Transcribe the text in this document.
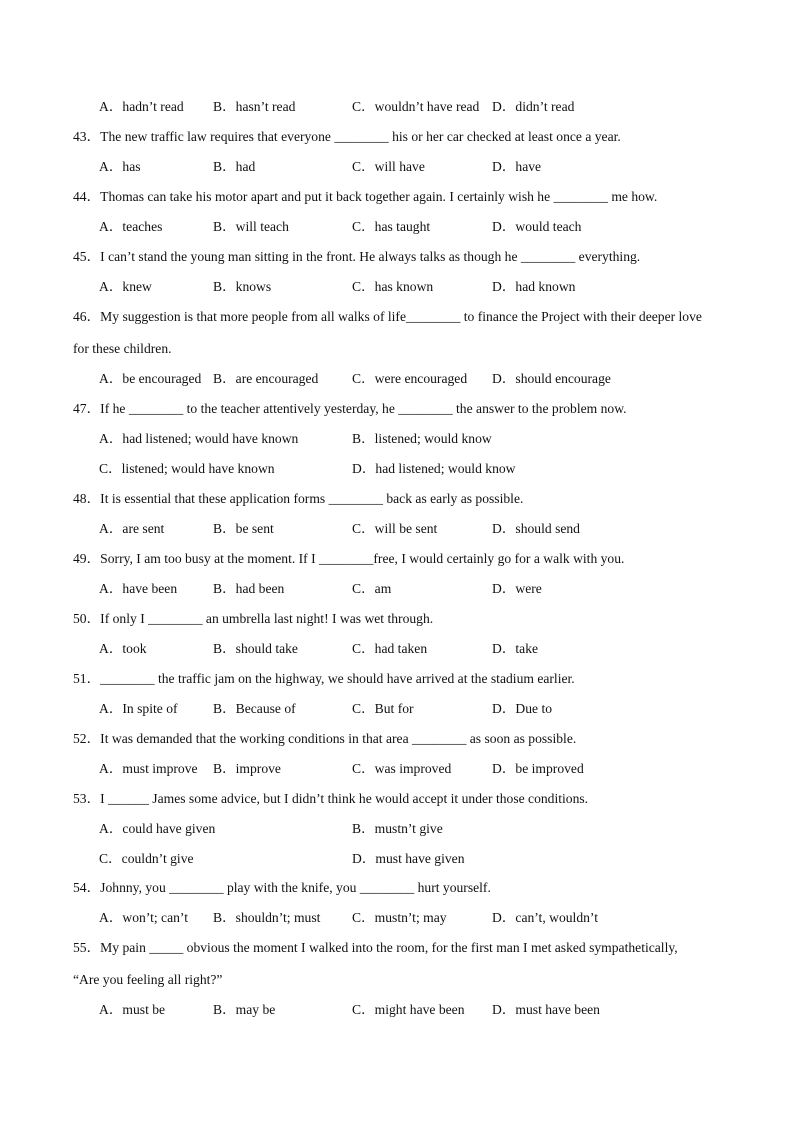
A．hadn’t read B．hasn’t read	C．wouldn’t have read D．didn’t read
43．The new traffic law requires that everyone ________ his or her car checked at least once a year.
A．has	B．had	C．will have	D．have
44．Thomas can take his motor apart and put it back together again. I certainly wish he ________ me how.
A．teaches	B．will teach	C．has taught	D．would teach
45．I can’t stand the young man sitting in the front. He always talks as though he ________ everything.
A．knew	B．knows	C．has known	D．had known
46．My suggestion is that more people from all walks of life________ to finance the Project with their deeper love
for these children.
A．be encouraged B．are encouraged C．were encouraged D．should encourage
47．If he ________ to the teacher attentively yesterday, he ________ the answer to the problem now.
A．had listened; would have known	B．listened; would know
C．listened; would have known	D．had listened; would know
48．It is essential that these application forms ________ back as early as possible.
A．are sent	B．be sent	C．will be sent	D．should send
49．Sorry, I am too busy at the moment. If I ________free, I would certainly go for a walk with you.
A．have been	B．had been	C．am	D．were
50．If only I ________ an umbrella last night! I was wet through.
A．took	B．should take	C．had taken	D．take
51．________ the traffic jam on the highway, we should have arrived at the stadium earlier.
A．In spite of	B．Because of	C．But for	D．Due to
52．It was demanded that the working conditions in that area ________ as soon as possible.
A．must improve B．improve	C．was improved	D．be improved
53．I ______ James some advice, but I didn’t think he would accept it under those conditions.
A．could have given	B．mustn’t give
C．couldn’t give	D．must have given
54．Johnny, you ________ play with the knife, you ________ hurt yourself.
A．won’t; can’t B．shouldn’t; must C．mustn’t; may	D．can’t, wouldn’t
55．My pain _____ obvious the moment I walked into the room, for the first man I met asked sympathetically,
“Are you feeling all right?”
A．must be	B．may be	C．might have been D．must have been
